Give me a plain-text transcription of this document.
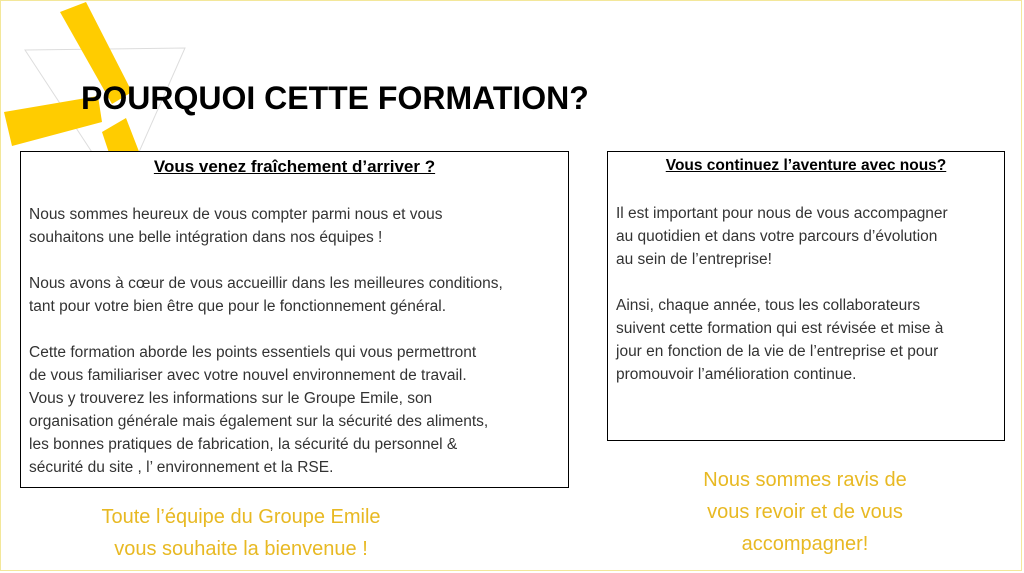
POURQUOI CETTE FORMATION?

Vous venez fraîchement d’arriver ?

Nous sommes heureux de vous compter parmi nous et vous
souhaitons une belle intégration dans nos équipes !

Nous avons à cœur de vous accueillir dans les meilleures conditions,
tant pour votre bien être que pour le fonctionnement général.

Cette formation aborde les points essentiels qui vous permettront
de vous familiariser avec votre nouvel environnement de travail.
Vous y trouverez les informations sur le Groupe Emile, son
organisation générale mais également sur la sécurité des aliments,
les bonnes pratiques de fabrication, la sécurité du personnel &
sécurité du site , l’ environnement et la RSE.

Vous continuez l’aventure avec nous?

Il est important pour nous de vous accompagner
au quotidien et dans votre parcours d’évolution
au sein de l’entreprise!

Ainsi, chaque année, tous les collaborateurs
suivent cette formation qui est révisée et mise à
jour en fonction de la vie de l’entreprise et pour
promouvoir l’amélioration continue.

Toute l’équipe du Groupe Emile
vous souhaite la bienvenue !

Nous sommes ravis de
vous revoir et de vous
accompagner!
